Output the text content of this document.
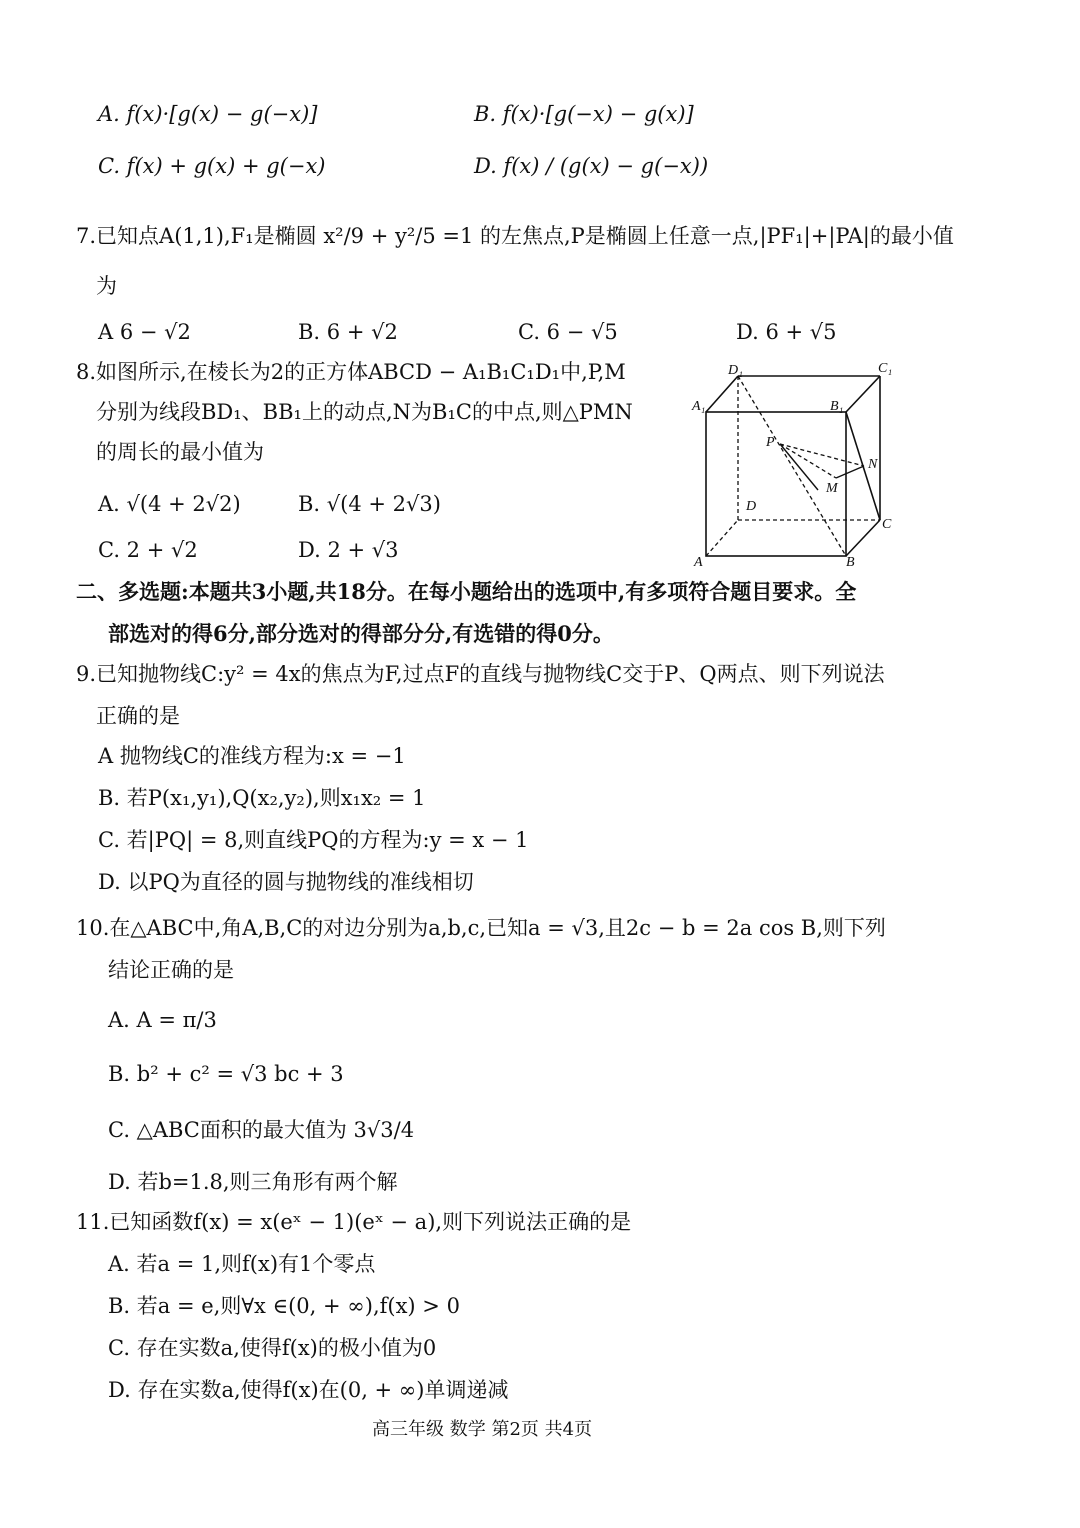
A. f(x)·[g(x) − g(−x)]	B. f(x)·[g(−x) − g(x)]
C. f(x) + g(x) + g(−x)	D. f(x) / (g(x) − g(−x))
7.已知点A(1,1),F₁是椭圆 x²/9 + y²/5 =1 的左焦点,P是椭圆上任意一点,|PF₁|+|PA|的最小值
为
A 6 − √2	B. 6 + √2	C. 6 − √5	D. 6 + √5
8.如图所示,在棱长为2的正方体ABCD − A₁B₁C₁D₁中,P,M
分别为线段BD₁、BB₁上的动点,N为B₁C的中点,则△PMN
的周长的最小值为
A. √(4 + 2√2)	B. √(4 + 2√3)
C. 2 + √2	D. 2 + √3
D₁	C₁
A₁	B₁
P
N
M
D
C
A	B
二、多选题:本题共3小题,共18分。在每小题给出的选项中,有多项符合题目要求。全
部选对的得6分,部分选对的得部分分,有选错的得0分。
9.已知抛物线C:y² = 4x的焦点为F,过点F的直线与抛物线C交于P、Q两点、则下列说法
正确的是
A 抛物线C的准线方程为:x = −1
B. 若P(x₁,y₁),Q(x₂,y₂),则x₁x₂ = 1
C. 若|PQ| = 8,则直线PQ的方程为:y = x − 1
D. 以PQ为直径的圆与抛物线的准线相切
10.在△ABC中,角A,B,C的对边分别为a,b,c,已知a = √3,且2c − b = 2a cos B,则下列
结论正确的是
A. A = π/3
B. b² + c² = √3 bc + 3
C. △ABC面积的最大值为 3√3/4
D. 若b=1.8,则三角形有两个解
11.已知函数f(x) = x(eˣ − 1)(eˣ − a),则下列说法正确的是
A. 若a = 1,则f(x)有1个零点
B. 若a = e,则∀x ∈(0, + ∞),f(x) > 0
C. 存在实数a,使得f(x)的极小值为0
D. 存在实数a,使得f(x)在(0, + ∞)单调递减
高三年级 数学 第2页 共4页
